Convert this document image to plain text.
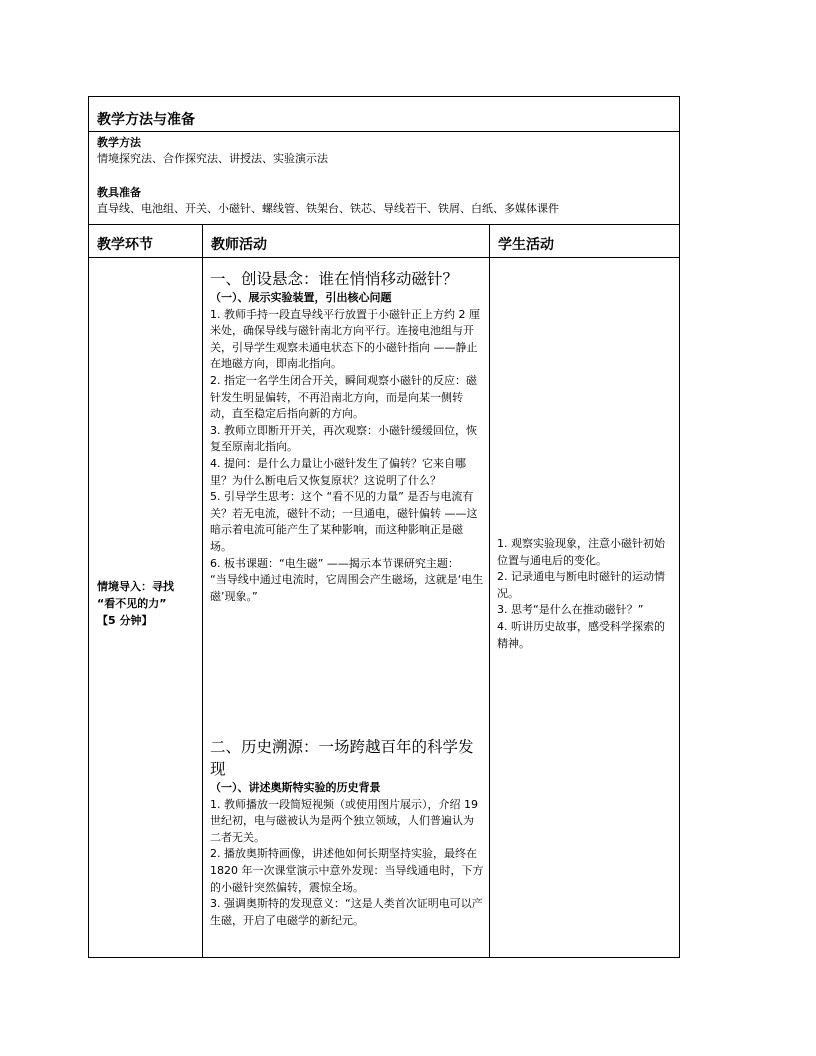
教学方法与准备
教学方法
情境探究法、合作探究法、讲授法、实验演示法
教具准备
直导线、电池组、开关、小磁针、螺线管、铁架台、铁芯、导线若干、铁屑、白纸、多媒体课件
教学环节	教师活动	学生活动
情境导入：寻找
“看不见的力”
【5 分钟】

一、创设悬念：谁在悄悄移动磁针？

（一）、展示实验装置，引出核心问题

1. 教师手持一段直导线平行放置于小磁针正上方约 2 厘米处，确保导线与磁针南北方向平行。连接电池组与开关，引导学生观察未通电状态下的小磁针指向 ——静止在地磁方向，即南北指向。

2. 指定一名学生闭合开关，瞬间观察小磁针的反应：磁针发生明显偏转，不再沿南北方向，而是向某一侧转动，直至稳定后指向新的方向。

3. 教师立即断开开关，再次观察：小磁针缓缓回位，恢复至原南北指向。

4. 提问：是什么力量让小磁针发生了偏转？它来自哪里？为什么断电后又恢复原状？这说明了什么？

5. 引导学生思考：这个 “看不见的力量” 是否与电流有关？若无电流，磁针不动；一旦通电，磁针偏转 ——这暗示着电流可能产生了某种影响，而这种影响正是磁场。

6. 板书课题：“电生磁” ——揭示本节课研究主题：

“当导线中通过电流时，它周围会产生磁场，这就是‘电生磁’现象。”

二、历史溯源：一场跨越百年的科学发现

（一）、讲述奥斯特实验的历史背景

1. 教师播放一段简短视频（或使用图片展示），介绍 19 世纪初，电与磁被认为是两个独立领域，人们普遍认为二者无关。

2. 播放奥斯特画像，讲述他如何长期坚持实验，最终在 1820 年一次课堂演示中意外发现：当导线通电时，下方的小磁针突然偏转，震惊全场。

3. 强调奥斯特的发现意义：“这是人类首次证明电可以产生磁，开启了电磁学的新纪元。

1. 观察实验现象，注意小磁针初始位置与通电后的变化。

2. 记录通电与断电时磁针的运动情况。

3. 思考“是什么在推动磁针？”

4. 听讲历史故事，感受科学探索的精神。
